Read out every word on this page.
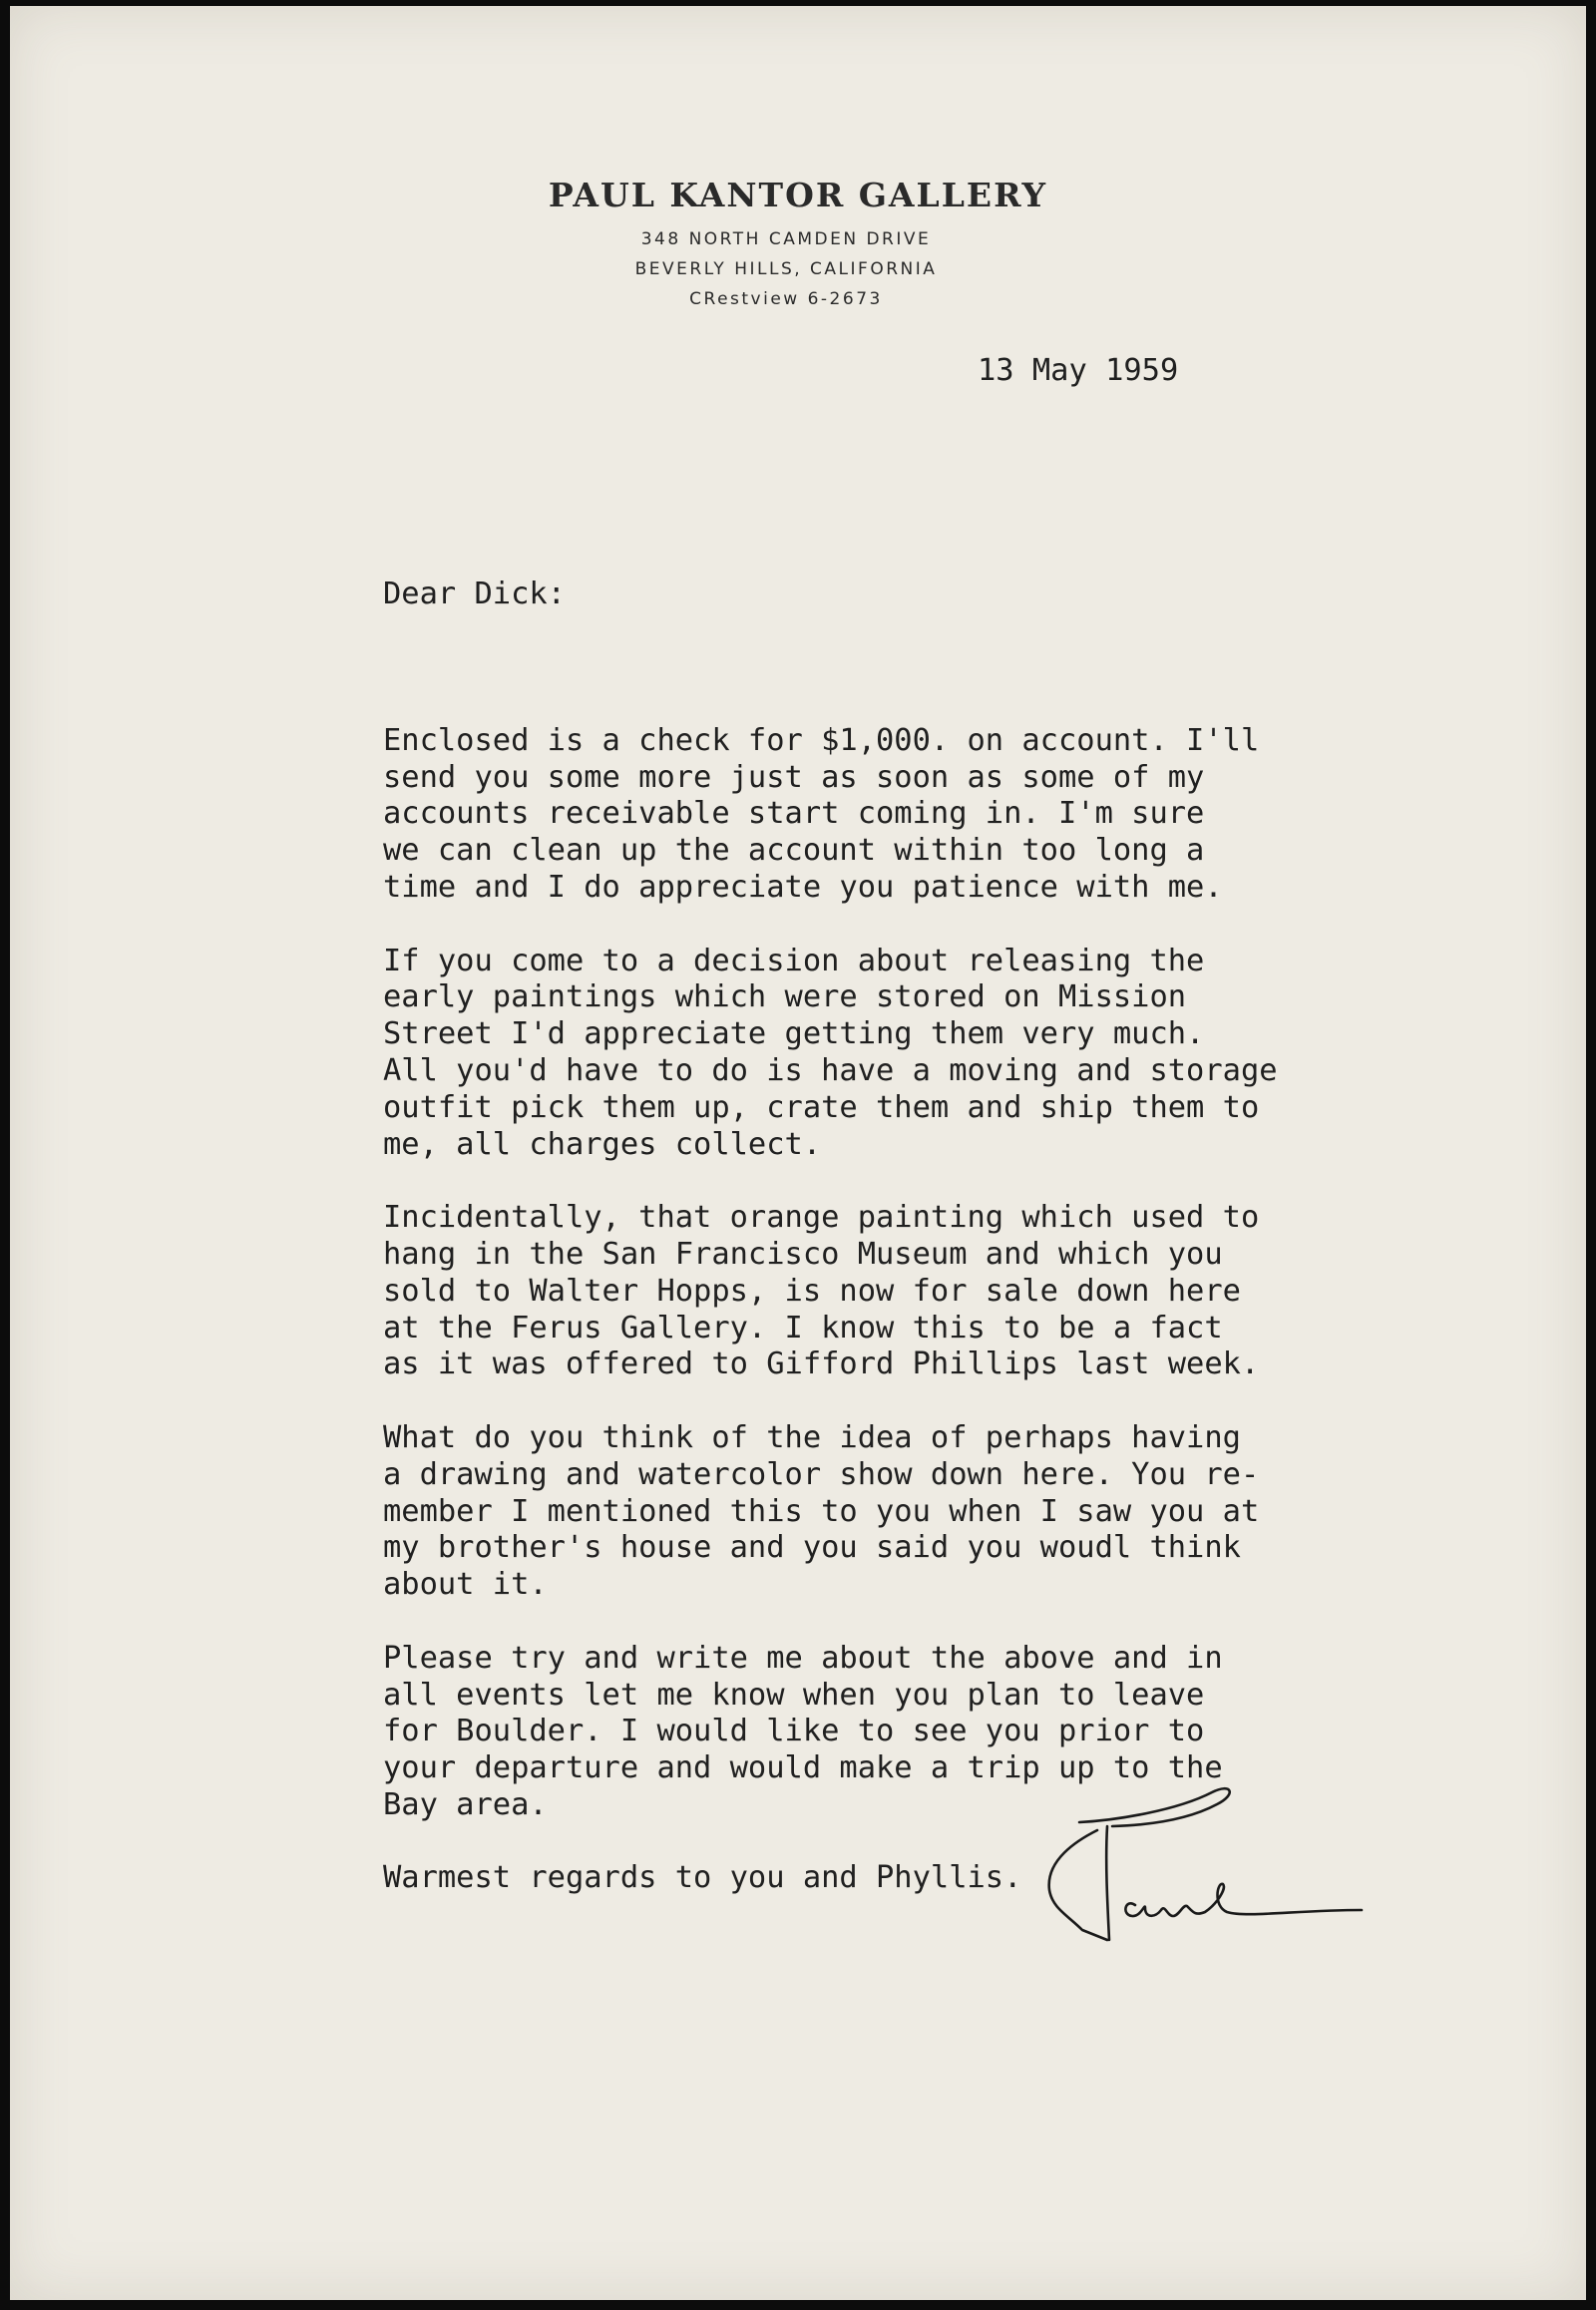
PAUL KANTOR GALLERY
348 NORTH CAMDEN DRIVE
BEVERLY HILLS, CALIFORNIA
CRestview 6-2673
13 May 1959

Dear Dick:

Enclosed is a check for $1,000. on account. I'll
send you some more just as soon as some of my
accounts receivable start coming in. I'm sure
we can clean up the account within too long a
time and I do appreciate you patience with me.
If you come to a decision about releasing the
early paintings which were stored on Mission
Street I'd appreciate getting them very much.
All you'd have to do is have a moving and storage
outfit pick them up, crate them and ship them to
me, all charges collect.
Incidentally, that orange painting which used to
hang in the San Francisco Museum and which you
sold to Walter Hopps, is now for sale down here
at the Ferus Gallery. I know this to be a fact
as it was offered to Gifford Phillips last week.
What do you think of the idea of perhaps having
a drawing and watercolor show down here. You re-
member I mentioned this to you when I saw you at
my brother's house and you said you woudl think
about it.
Please try and write me about the above and in
all events let me know when you plan to leave
for Boulder. I would like to see you prior to
your departure and would make a trip up to the
Bay area.
Warmest regards to you and Phyllis.
